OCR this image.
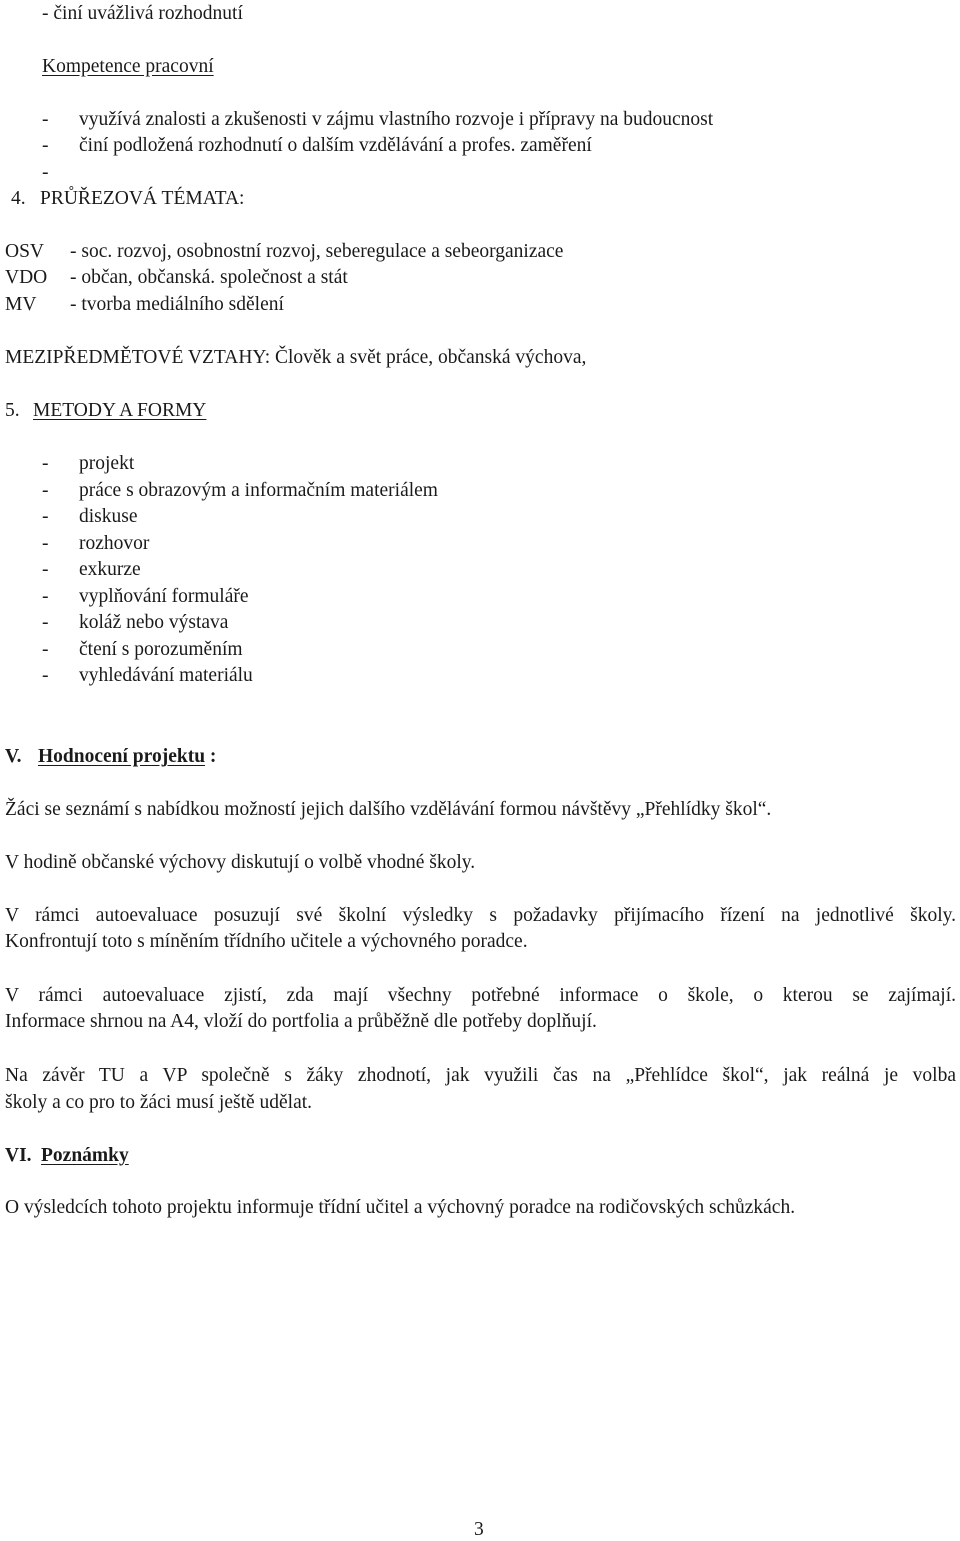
- činí uvážlivá rozhodnutí
Kompetence pracovní
- využívá znalosti a zkušenosti v zájmu vlastního rozvoje i přípravy na budoucnost
- činí podložená rozhodnutí o dalším vzdělávání a profes. zaměření
-
4. PRŮŘEZOVÁ TÉMATA:
OSV - soc. rozvoj, osobnostní rozvoj, seberegulace a sebeorganizace
VDO - občan, občanská. společnost a stát
MV - tvorba mediálního sdělení
MEZIPŘEDMĚTOVÉ VZTAHY: Člověk a svět práce, občanská výchova,
5. METODY A FORMY
- projekt
- práce s obrazovým a informačním materiálem
- diskuse
- rozhovor
- exkurze
- vyplňování formuláře
- koláž nebo výstava
- čtení s porozuměním
- vyhledávání materiálu
V. Hodnocení projektu :
Žáci se seznámí s nabídkou možností jejich dalšího vzdělávání formou návštěvy „Přehlídky škol“.
V hodině občanské výchovy diskutují o volbě vhodné školy.
V rámci autoevaluace posuzují své školní výsledky s požadavky přijímacího řízení na jednotlivé školy.
Konfrontují toto s míněním třídního učitele a výchovného poradce.
V rámci autoevaluace zjistí, zda mají všechny potřebné informace o škole, o kterou se zajímají.
Informace shrnou na A4, vloží do portfolia a průběžně dle potřeby doplňují.
Na závěr TU a VP společně s žáky zhodnotí, jak využili čas na „Přehlídce škol“, jak reálná je volba
školy a co pro to žáci musí ještě udělat.
VI. Poznámky
O výsledcích tohoto projektu informuje třídní učitel a výchovný poradce na rodičovských schůzkách.
3
